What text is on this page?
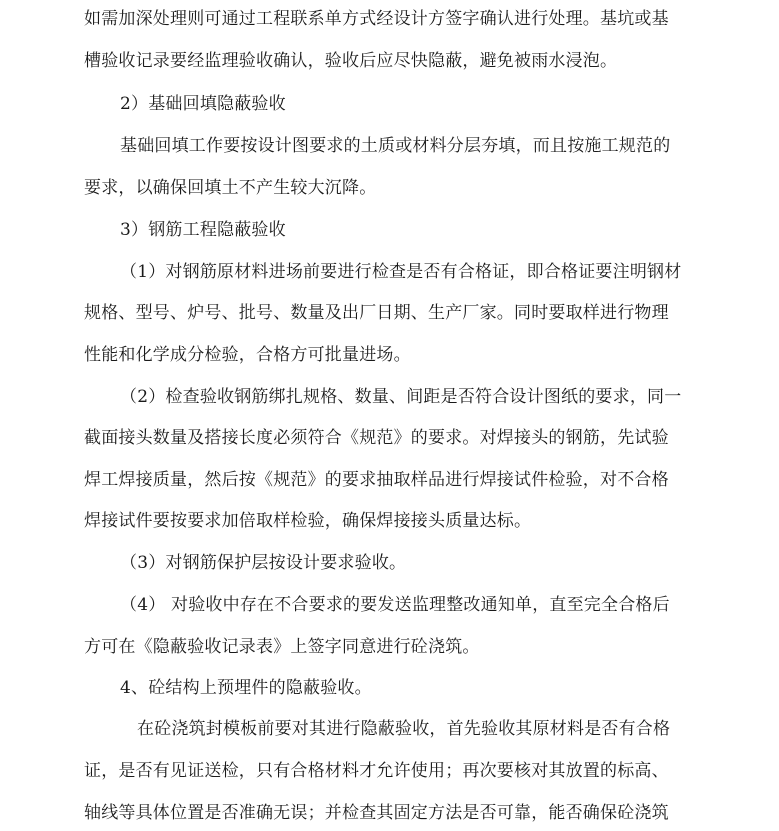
如需加深处理则可通过工程联系单方式经设计方签字确认进行处理。基坑或基
槽验收记录要经监理验收确认，验收后应尽快隐蔽，避免被雨水浸泡。
2）基础回填隐蔽验收
基础回填工作要按设计图要求的土质或材料分层夯填，而且按施工规范的
要求，以确保回填土不产生较大沉降。
3）钢筋工程隐蔽验收
（1）对钢筋原材料进场前要进行检查是否有合格证，即合格证要注明钢材
规格、型号、炉号、批号、数量及出厂日期、生产厂家。同时要取样进行物理
性能和化学成分检验，合格方可批量进场。
（2）检查验收钢筋绑扎规格、数量、间距是否符合设计图纸的要求，同一
截面接头数量及搭接长度必须符合《规范》的要求。对焊接头的钢筋，先试验
焊工焊接质量，然后按《规范》的要求抽取样品进行焊接试件检验，对不合格
焊接试件要按要求加倍取样检验，确保焊接接头质量达标。
（3）对钢筋保护层按设计要求验收。
（4） 对验收中存在不合要求的要发送监理整改通知单，直至完全合格后
方可在《隐蔽验收记录表》上签字同意进行砼浇筑。
4、砼结构上预埋件的隐蔽验收。
在砼浇筑封模板前要对其进行隐蔽验收，首先验收其原材料是否有合格
证，是否有见证送检，只有合格材料才允许使用；再次要核对其放置的标高、
轴线等具体位置是否准确无误；并检查其固定方法是否可靠，能否确保砼浇筑
